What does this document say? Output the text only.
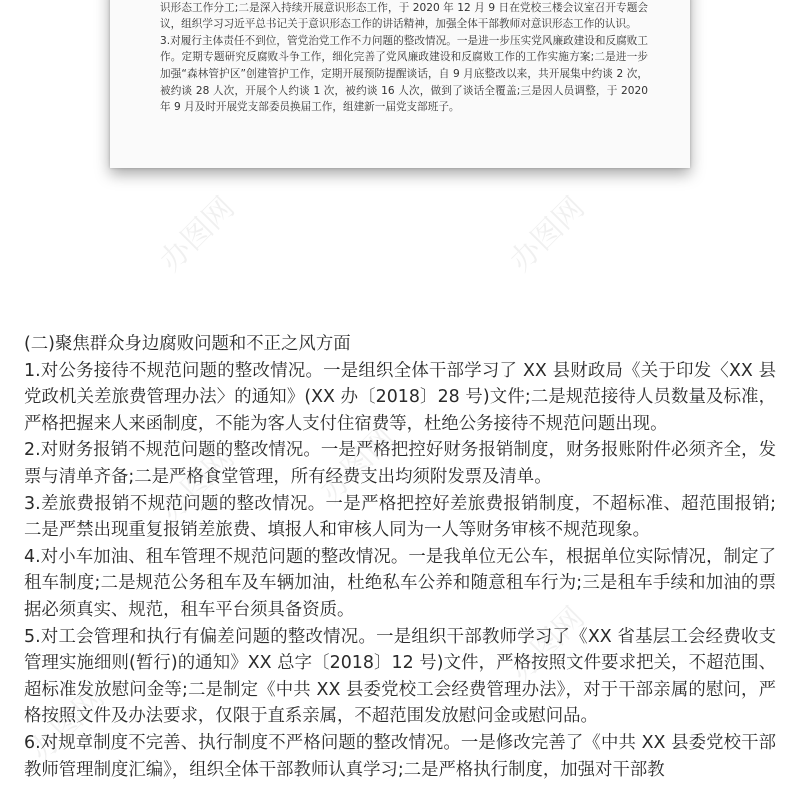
识形态工作分工;二是深入持续开展意识形态工作，于 2020 年 12 月 9 日在党校三楼会议室召开专题会议，组织学习习近平总书记关于意识形态工作的讲话精神，加强全体干部教师对意识形态工作的认识。

3.对履行主体责任不到位，管党治党工作不力问题的整改情况。一是进一步压实党风廉政建设和反腐败工作。定期专题研究反腐败斗争工作，细化完善了党风廉政建设和反腐败工作的工作实施方案;二是进一步加强“森林管护区”创建管护工作，定期开展预防提醒谈话，自 9 月底整改以来，共开展集中约谈 2 次，被约谈 28 人次，开展个人约谈 1 次，被约谈 16 人次，做到了谈话全覆盖;三是因人员调整，于 2020 年 9 月及时开展党支部委员换届工作，组建新一届党支部班子。

办图网	办图网
办图网
办图网
办图网
办图网

(二)聚焦群众身边腐败问题和不正之风方面

1.对公务接待不规范问题的整改情况。一是组织全体干部学习了 XX 县财政局《关于印发〈XX 县党政机关差旅费管理办法〉的通知》(XX 办〔2018〕28 号)文件;二是规范接待人员数量及标准，严格把握来人来函制度，不能为客人支付住宿费等，杜绝公务接待不规范问题出现。

2.对财务报销不规范问题的整改情况。一是严格把控好财务报销制度，财务报账附件必须齐全，发票与清单齐备;二是严格食堂管理，所有经费支出均须附发票及清单。

3.差旅费报销不规范问题的整改情况。一是严格把控好差旅费报销制度，不超标准、超范围报销;二是严禁出现重复报销差旅费、填报人和审核人同为一人等财务审核不规范现象。

4.对小车加油、租车管理不规范问题的整改情况。一是我单位无公车，根据单位实际情况，制定了租车制度;二是规范公务租车及车辆加油，杜绝私车公养和随意租车行为;三是租车手续和加油的票据必须真实、规范，租车平台须具备资质。

5.对工会管理和执行有偏差问题的整改情况。一是组织干部教师学习了《XX 省基层工会经费收支管理实施细则(暂行)的通知》XX 总字〔2018〕12 号)文件，严格按照文件要求把关，不超范围、超标准发放慰问金等;二是制定《中共 XX 县委党校工会经费管理办法》，对于干部亲属的慰问，严格按照文件及办法要求，仅限于直系亲属，不超范围发放慰问金或慰问品。

6.对规章制度不完善、执行制度不严格问题的整改情况。一是修改完善了《中共 XX 县委党校干部教师管理制度汇编》，组织全体干部教师认真学习;二是严格执行制度，加强对干部教
